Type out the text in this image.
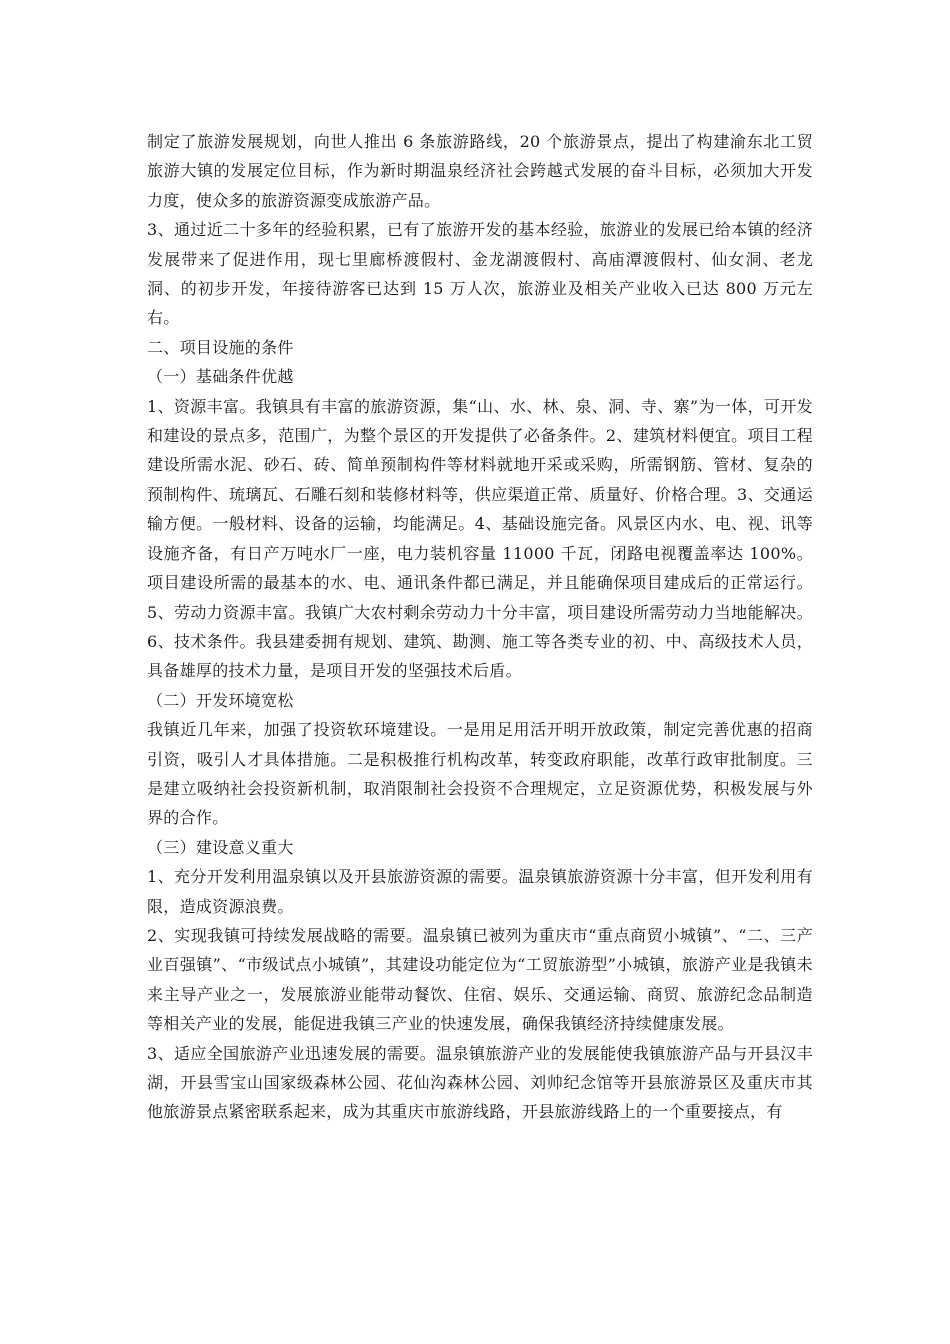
制定了旅游发展规划，向世人推出 6 条旅游路线，20 个旅游景点，提出了构建渝东北工贸旅游大镇的发展定位目标，作为新时期温泉经济社会跨越式发展的奋斗目标，必须加大开发力度，使众多的旅游资源变成旅游产品。

3、通过近二十多年的经验积累，已有了旅游开发的基本经验，旅游业的发展已给本镇的经济发展带来了促进作用，现七里廊桥渡假村、金龙湖渡假村、高庙潭渡假村、仙女洞、老龙洞、的初步开发，年接待游客已达到 15 万人次，旅游业及相关产业收入已达 800 万元左右。

二、项目设施的条件

（一）基础条件优越

1、资源丰富。我镇具有丰富的旅游资源，集“山、水、林、泉、洞、寺、寨”为一体，可开发和建设的景点多，范围广，为整个景区的开发提供了必备条件。2、建筑材料便宜。项目工程建设所需水泥、砂石、砖、简单预制构件等材料就地开采或采购，所需钢筋、管材、复杂的预制构件、琉璃瓦、石雕石刻和装修材料等，供应渠道正常、质量好、价格合理。3、交通运输方便。一般材料、设备的运输，均能满足。4、基础设施完备。风景区内水、电、视、讯等设施齐备，有日产万吨水厂一座，电力装机容量 11000 千瓦，闭路电视覆盖率达 100%。项目建设所需的最基本的水、电、通讯条件都已满足，并且能确保项目建成后的正常运行。5、劳动力资源丰富。我镇广大农村剩余劳动力十分丰富，项目建设所需劳动力当地能解决。6、技术条件。我县建委拥有规划、建筑、勘测、施工等各类专业的初、中、高级技术人员，具备雄厚的技术力量，是项目开发的坚强技术后盾。

（二）开发环境宽松

我镇近几年来，加强了投资软环境建设。一是用足用活开明开放政策，制定完善优惠的招商引资，吸引人才具体措施。二是积极推行机构改革，转变政府职能，改革行政审批制度。三是建立吸纳社会投资新机制，取消限制社会投资不合理规定，立足资源优势，积极发展与外界的合作。

（三）建设意义重大

1、充分开发利用温泉镇以及开县旅游资源的需要。温泉镇旅游资源十分丰富，但开发利用有限，造成资源浪费。

2、实现我镇可持续发展战略的需要。温泉镇已被列为重庆市“重点商贸小城镇”、“二、三产业百强镇”、“市级试点小城镇”，其建设功能定位为“工贸旅游型”小城镇，旅游产业是我镇未来主导产业之一，发展旅游业能带动餐饮、住宿、娱乐、交通运输、商贸、旅游纪念品制造等相关产业的发展，能促进我镇三产业的快速发展，确保我镇经济持续健康发展。

3、适应全国旅游产业迅速发展的需要。温泉镇旅游产业的发展能使我镇旅游产品与开县汉丰湖，开县雪宝山国家级森林公园、花仙沟森林公园、刘帅纪念馆等开县旅游景区及重庆市其他旅游景点紧密联系起来，成为其重庆市旅游线路，开县旅游线路上的一个重要接点，有
